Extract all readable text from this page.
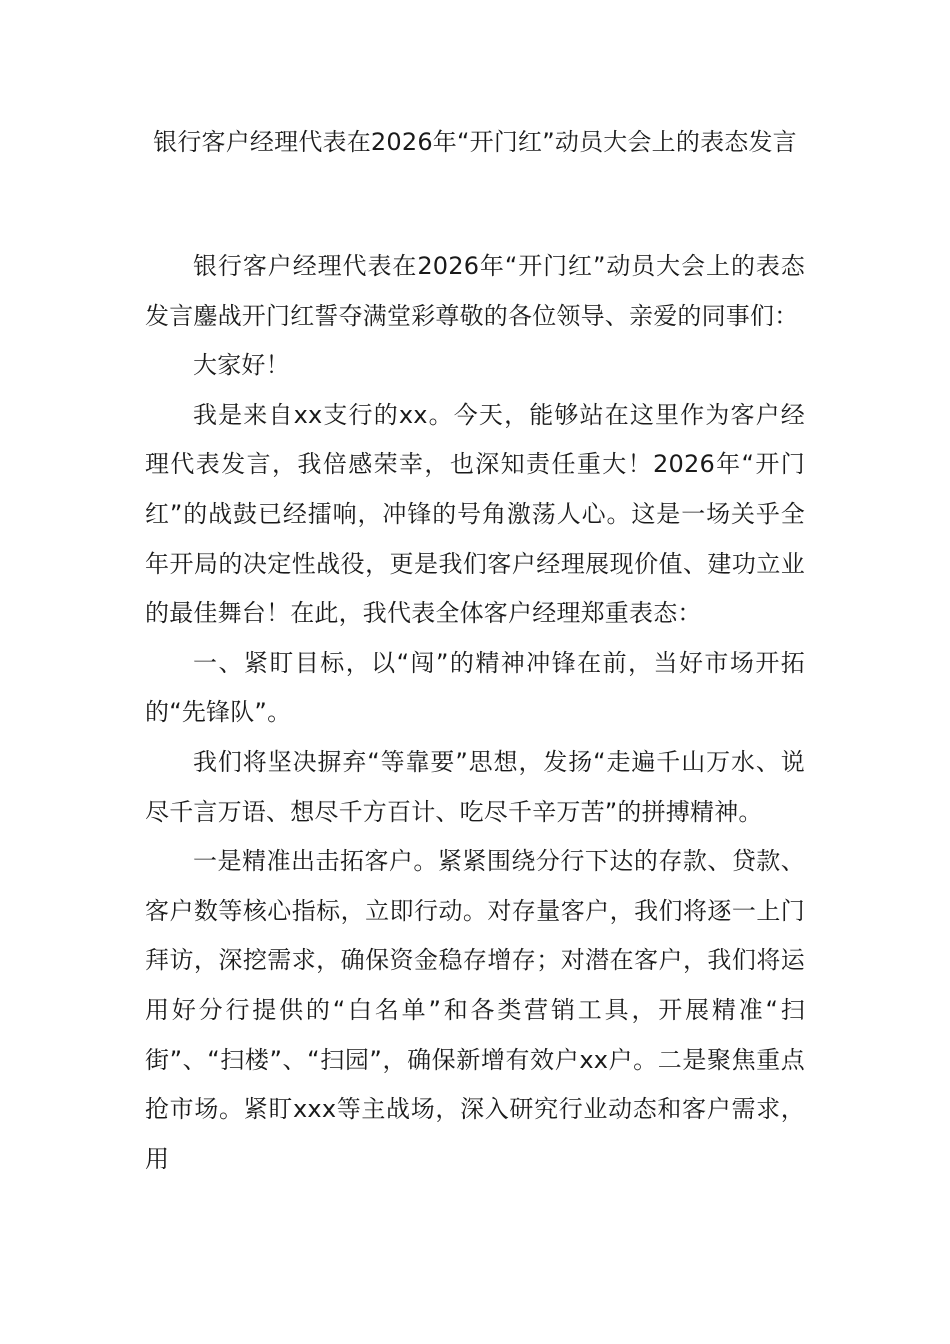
银行客户经理代表在2026年“开门红”动员大会上的表态发言

银行客户经理代表在2026年“开门红”动员大会上的表态发言鏖战开门红誓夺满堂彩尊敬的各位领导、亲爱的同事们：

大家好！

我是来自xx支行的xx。今天，能够站在这里作为客户经理代表发言，我倍感荣幸，也深知责任重大！2026年“开门红”的战鼓已经擂响，冲锋的号角激荡人心。这是一场关乎全年开局的决定性战役，更是我们客户经理展现价值、建功立业的最佳舞台！在此，我代表全体客户经理郑重表态：

一、紧盯目标，以“闯”的精神冲锋在前，当好市场开拓的“先锋队”。

我们将坚决摒弃“等靠要”思想，发扬“走遍千山万水、说尽千言万语、想尽千方百计、吃尽千辛万苦”的拼搏精神。

一是精准出击拓客户。紧紧围绕分行下达的存款、贷款、客户数等核心指标，立即行动。对存量客户，我们将逐一上门拜访，深挖需求，确保资金稳存增存；对潜在客户，我们将运用好分行提供的“白名单”和各类营销工具，开展精准“扫街”、“扫楼”、“扫园”，确保新增有效户xx户。二是聚焦重点抢市场。紧盯xxx等主战场，深入研究行业动态和客户需求，用
